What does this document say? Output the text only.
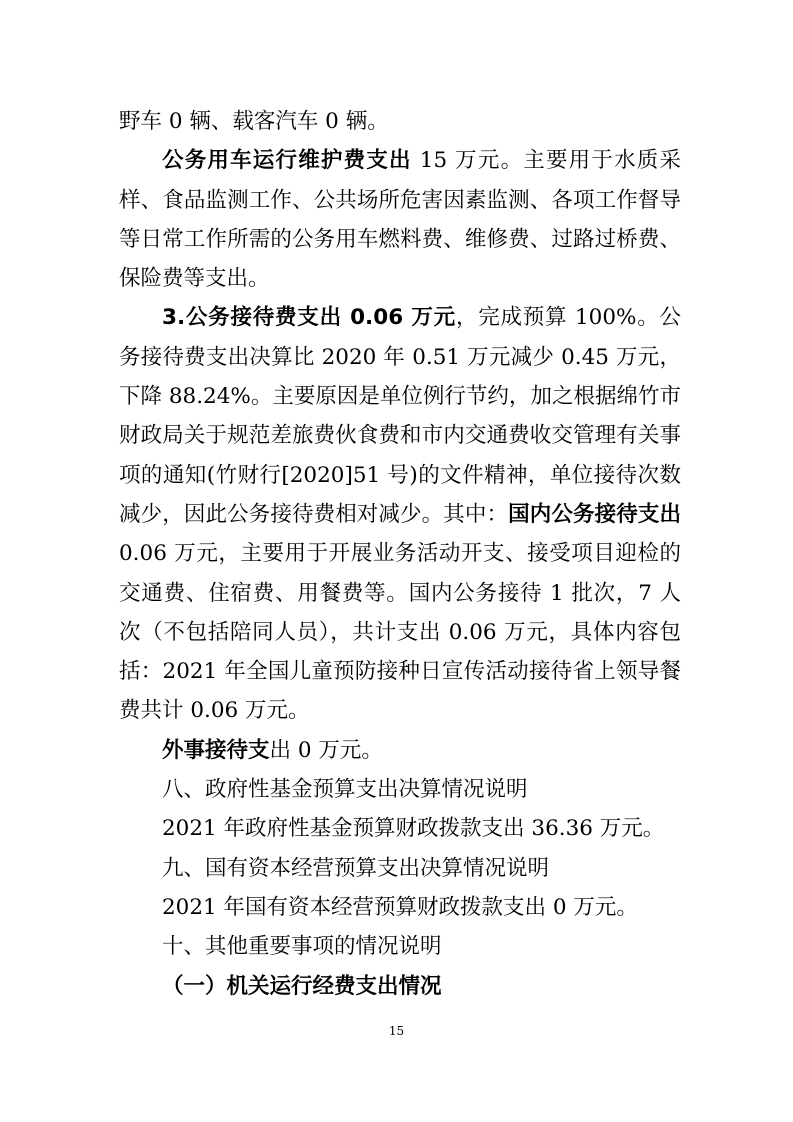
野车 0 辆、载客汽车 0 辆。

公务用车运行维护费支出 15 万元。主要用于水质采样、食品监测工作、公共场所危害因素监测、各项工作督导等日常工作所需的公务用车燃料费、维修费、过路过桥费、保险费等支出。

3.公务接待费支出 0.06 万元，完成预算 100%。公务接待费支出决算比 2020 年 0.51 万元减少 0.45 万元，下降 88.24%。主要原因是单位例行节约，加之根据绵竹市财政局关于规范差旅费伙食费和市内交通费收交管理有关事项的通知(竹财行[2020]51 号)的文件精神，单位接待次数减少，因此公务接待费相对减少。其中：国内公务接待支出 0.06 万元，主要用于开展业务活动开支、接受项目迎检的交通费、住宿费、用餐费等。国内公务接待 1 批次，7 人次（不包括陪同人员），共计支出 0.06 万元，具体内容包括：2021 年全国儿童预防接种日宣传活动接待省上领导餐费共计 0.06 万元。

外事接待支出 0 万元。

八、政府性基金预算支出决算情况说明

2021 年政府性基金预算财政拨款支出 36.36 万元。

九、国有资本经营预算支出决算情况说明

2021 年国有资本经营预算财政拨款支出 0 万元。

十、其他重要事项的情况说明

（一）机关运行经费支出情况

15
